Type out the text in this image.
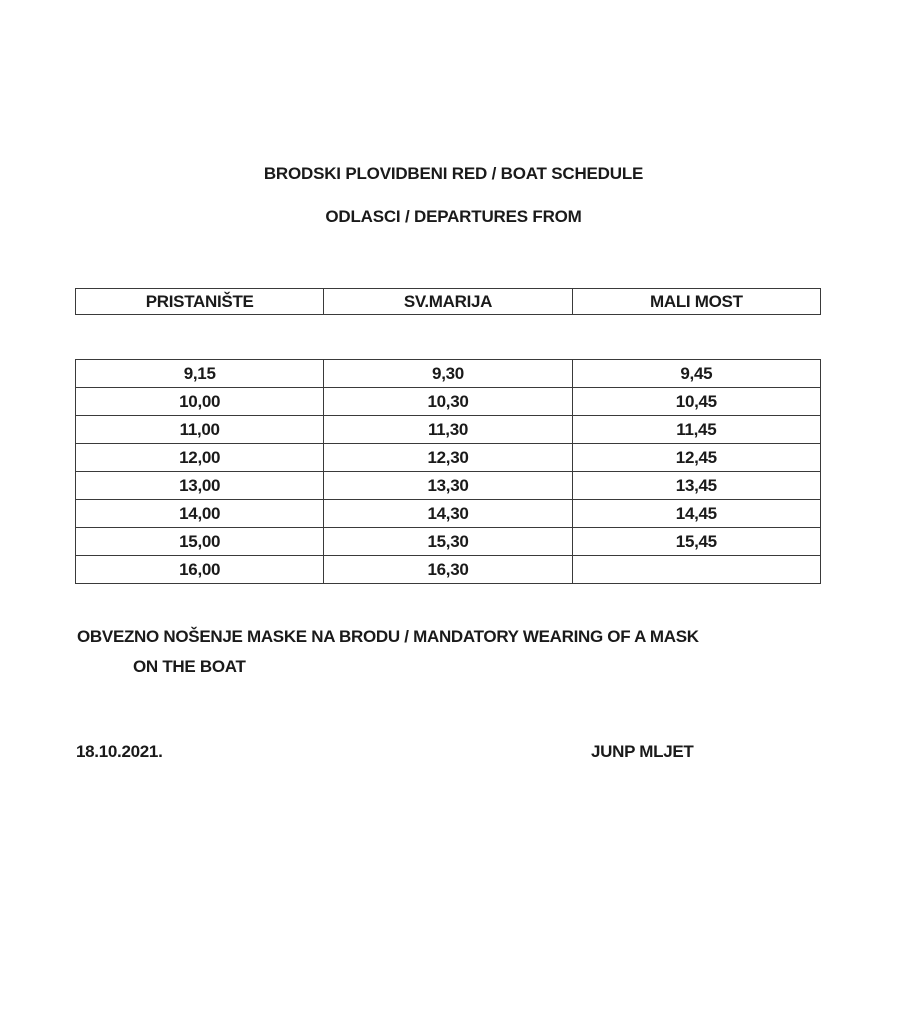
BRODSKI PLOVIDBENI RED / BOAT SCHEDULE
ODLASCI / DEPARTURES FROM
PRISTANIŠTE	SV.MARIJA	MALI MOST
9,15	9,30	9,45
10,00	10,30	10,45
11,00	11,30	11,45
12,00	12,30	12,45
13,00	13,30	13,45
14,00	14,30	14,45
15,00	15,30	15,45
16,00	16,30	
OBVEZNO NOŠENJE MASKE NA BRODU / MANDATORY WEARING OF A MASK
ON THE BOAT
18.10.2021.	JUNP MLJET
